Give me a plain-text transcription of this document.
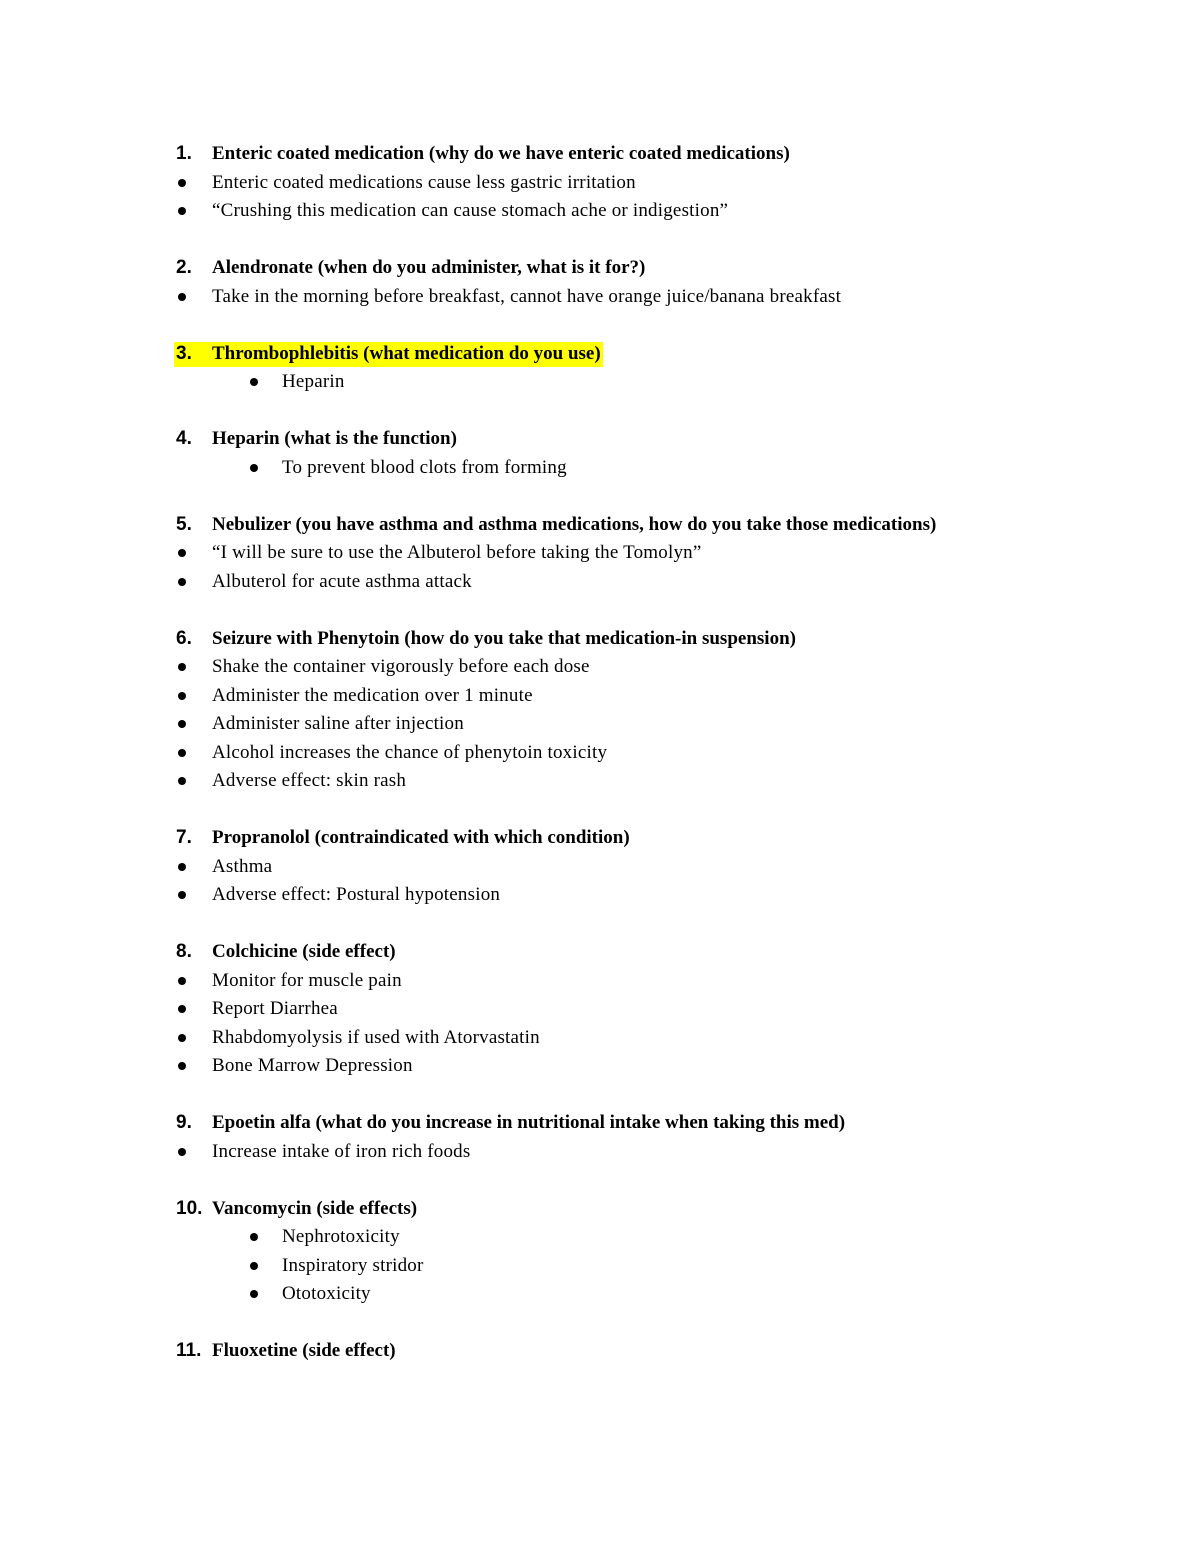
1. Enteric coated medication (why do we have enteric coated medications)
Enteric coated medications cause less gastric irritation
“Crushing this medication can cause stomach ache or indigestion”
2. Alendronate (when do you administer, what is it for?)
Take in the morning before breakfast, cannot have orange juice/banana breakfast
3. Thrombophlebitis (what medication do you use)
Heparin
4. Heparin (what is the function)
To prevent blood clots from forming
5. Nebulizer (you have asthma and asthma medications, how do you take those medications)
“I will be sure to use the Albuterol before taking the Tomolyn”
Albuterol for acute asthma attack
6. Seizure with Phenytoin (how do you take that medication-in suspension)
Shake the container vigorously before each dose
Administer the medication over 1 minute
Administer saline after injection
Alcohol increases the chance of phenytoin toxicity
Adverse effect: skin rash
7. Propranolol (contraindicated with which condition)
Asthma
Adverse effect: Postural hypotension
8. Colchicine (side effect)
Monitor for muscle pain
Report Diarrhea
Rhabdomyolysis if used with Atorvastatin
Bone Marrow Depression
9. Epoetin alfa (what do you increase in nutritional intake when taking this med)
Increase intake of iron rich foods
10. Vancomycin (side effects)
Nephrotoxicity
Inspiratory stridor
Ototoxicity
11. Fluoxetine (side effect)
